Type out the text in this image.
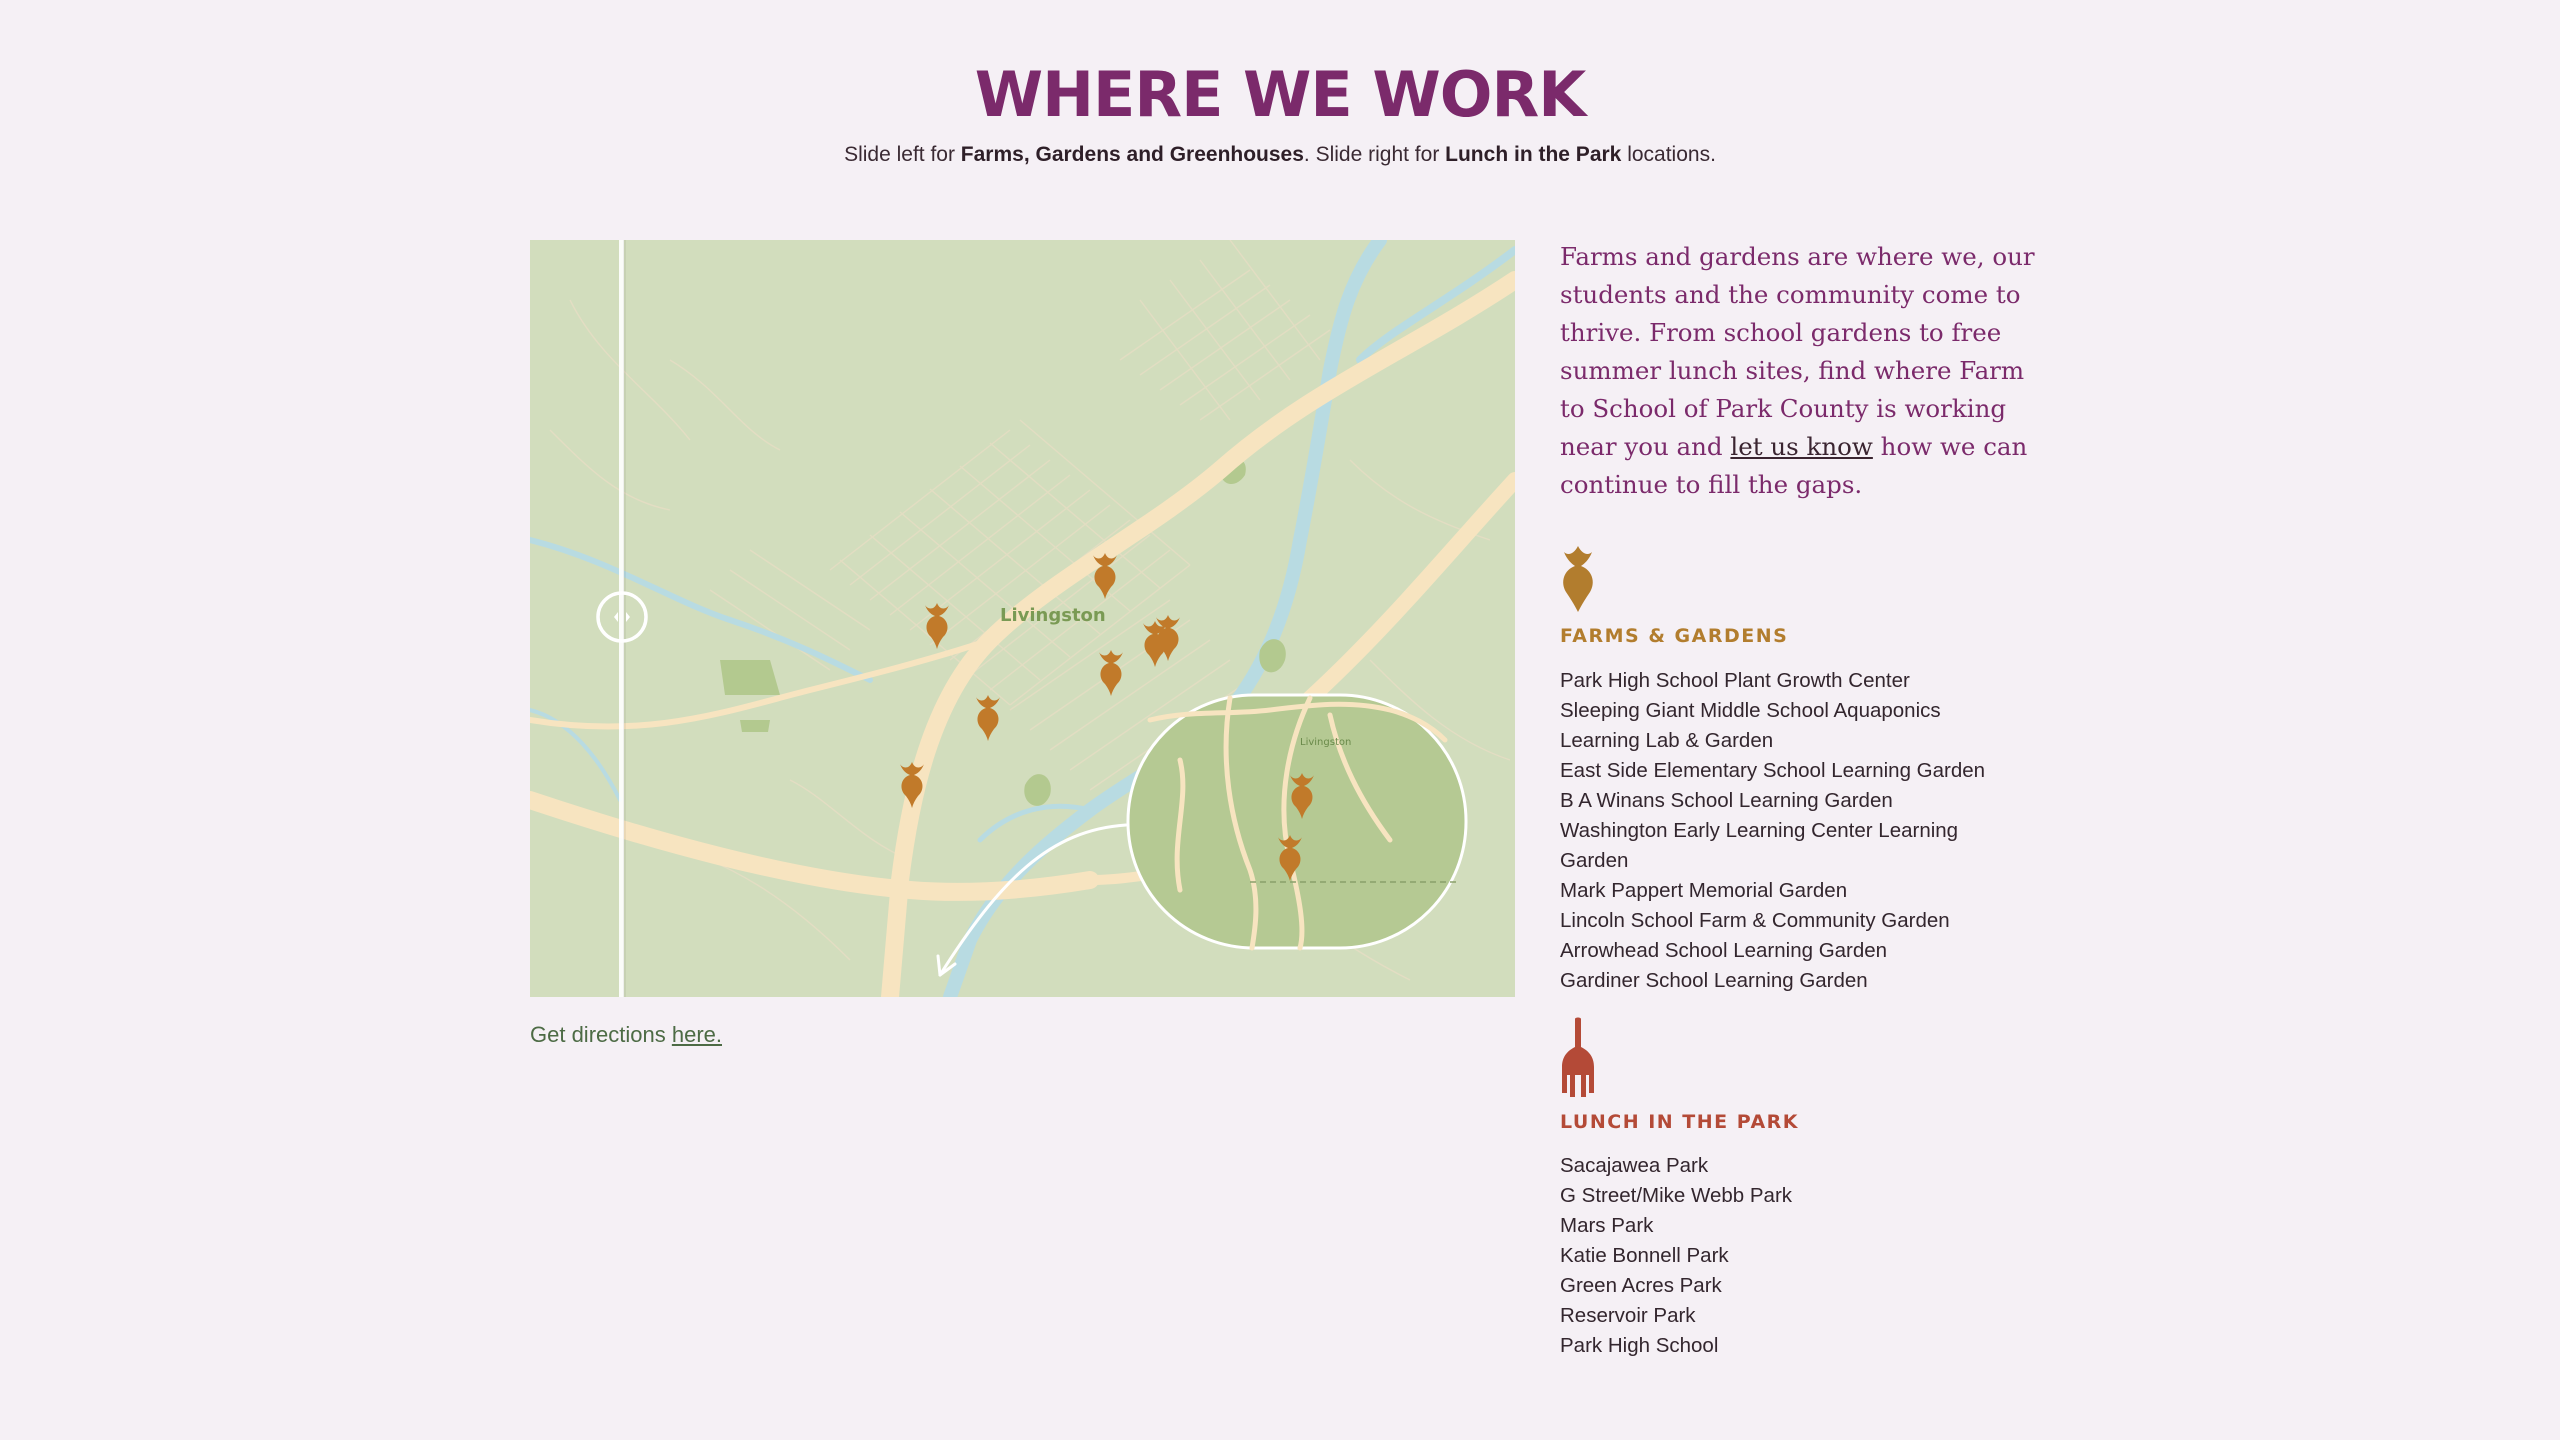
WHERE WE WORK
Slide left for Farms, Gardens and Greenhouses. Slide right for Lunch in the Park locations.
Livingston
Livingston
Get directions here.
Farms and gardens are where we, our students and the community come to thrive. From school gardens to free summer lunch sites, find where Farm to School of Park County is working near you and let us know how we can continue to fill the gaps.
FARMS & GARDENS
Park High School Plant Growth Center
Sleeping Giant Middle School Aquaponics Learning Lab & Garden
East Side Elementary School Learning Garden
B A Winans School Learning Garden
Washington Early Learning Center Learning Garden
Mark Pappert Memorial Garden
Lincoln School Farm & Community Garden
Arrowhead School Learning Garden
Gardiner School Learning Garden
LUNCH IN THE PARK
Sacajawea Park
G Street/Mike Webb Park
Mars Park
Katie Bonnell Park
Green Acres Park
Reservoir Park
Park High School
